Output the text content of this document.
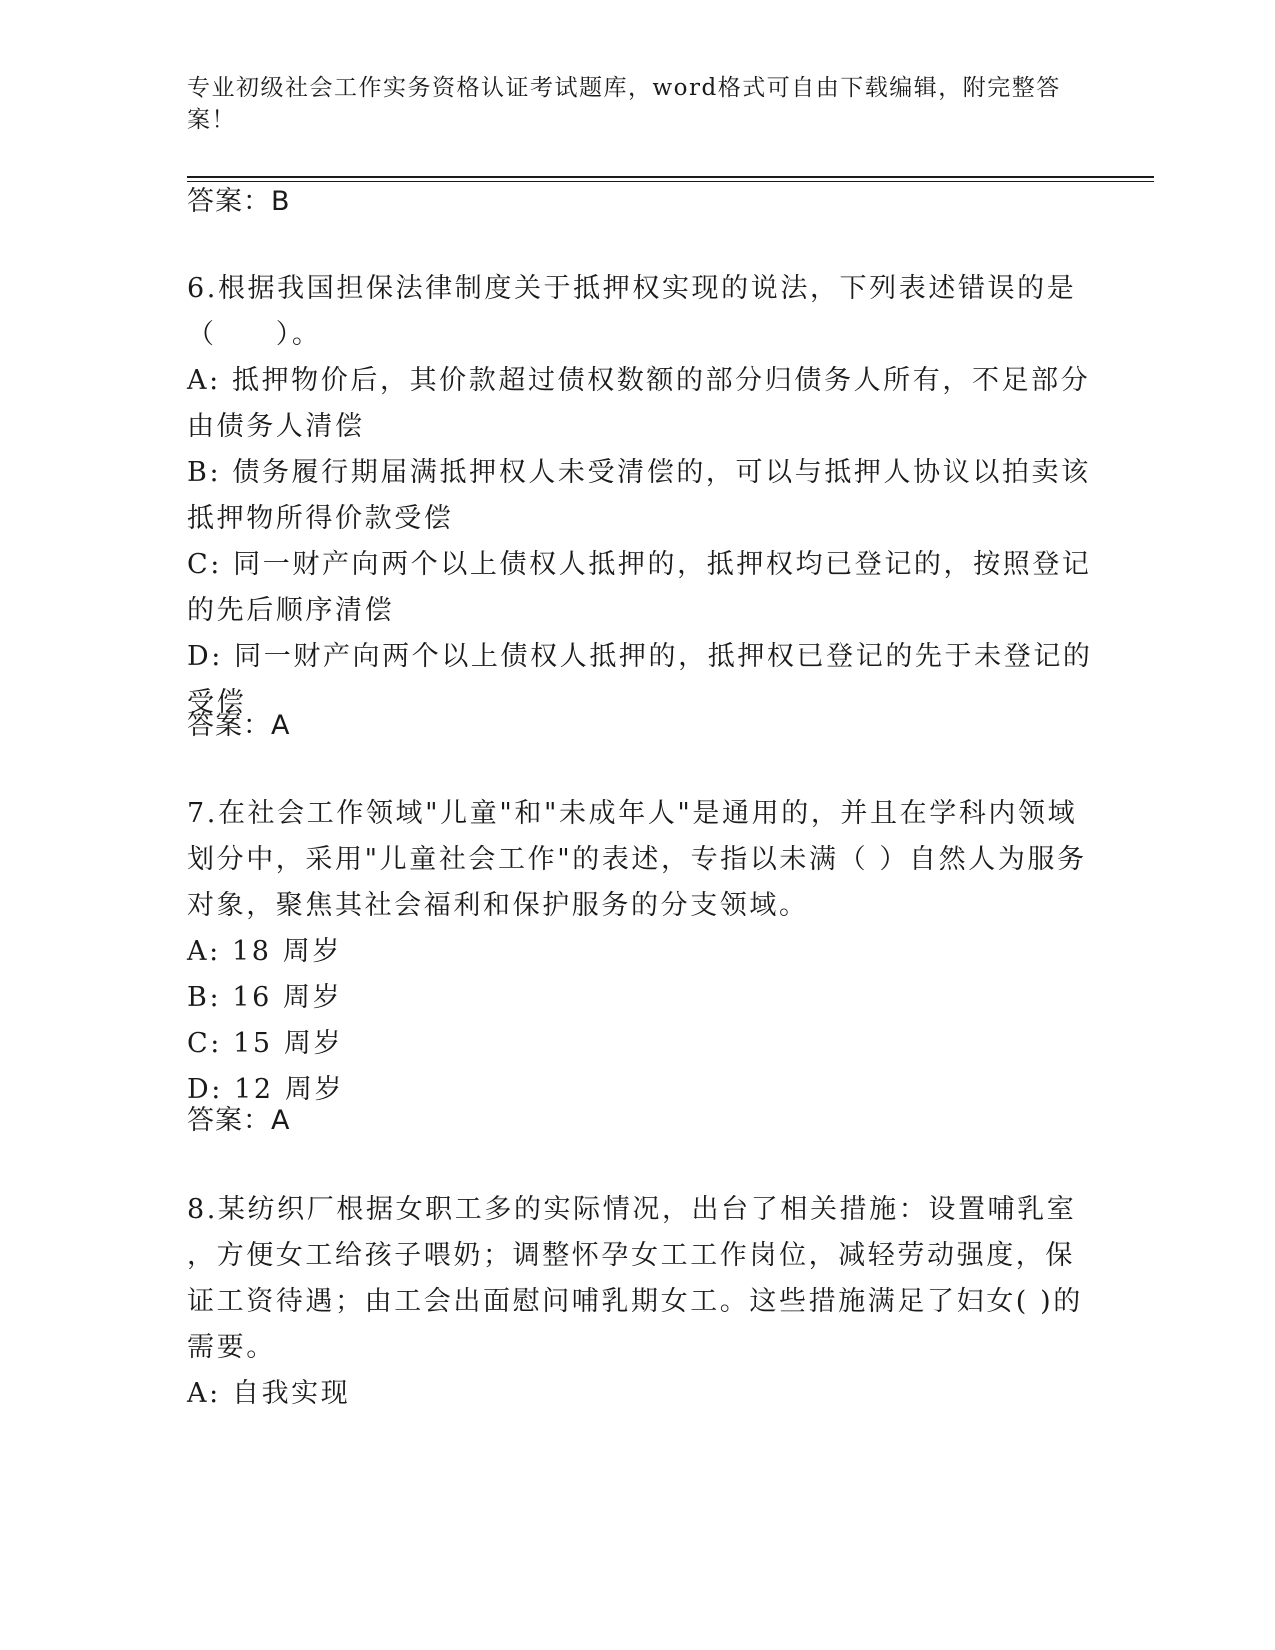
专业初级社会工作实务资格认证考试题库，word格式可自由下载编辑，附完整答
案！
答案：B
6.根据我国担保法律制度关于抵押权实现的说法，下列表述错误的是
（　　）。
A: 抵押物价后，其价款超过债权数额的部分归债务人所有，不足部分
由债务人清偿
B: 债务履行期届满抵押权人未受清偿的，可以与抵押人协议以拍卖该
抵押物所得价款受偿
C: 同一财产向两个以上债权人抵押的，抵押权均已登记的，按照登记
的先后顺序清偿
D: 同一财产向两个以上债权人抵押的，抵押权已登记的先于未登记的
受偿
答案：A
7.在社会工作领域"儿童"和"未成年人"是通用的，并且在学科内领域
划分中，采用"儿童社会工作"的表述，专指以未满（ ）自然人为服务
对象，聚焦其社会福利和保护服务的分支领域。
A: 18 周岁
B: 16 周岁
C: 15 周岁
D: 12 周岁
答案：A
8.某纺织厂根据女职工多的实际情况，出台了相关措施：设置哺乳室
，方便女工给孩子喂奶；调整怀孕女工工作岗位，减轻劳动强度，保
证工资待遇；由工会出面慰问哺乳期女工。这些措施满足了妇女( )的
需要。
A: 自我实现
